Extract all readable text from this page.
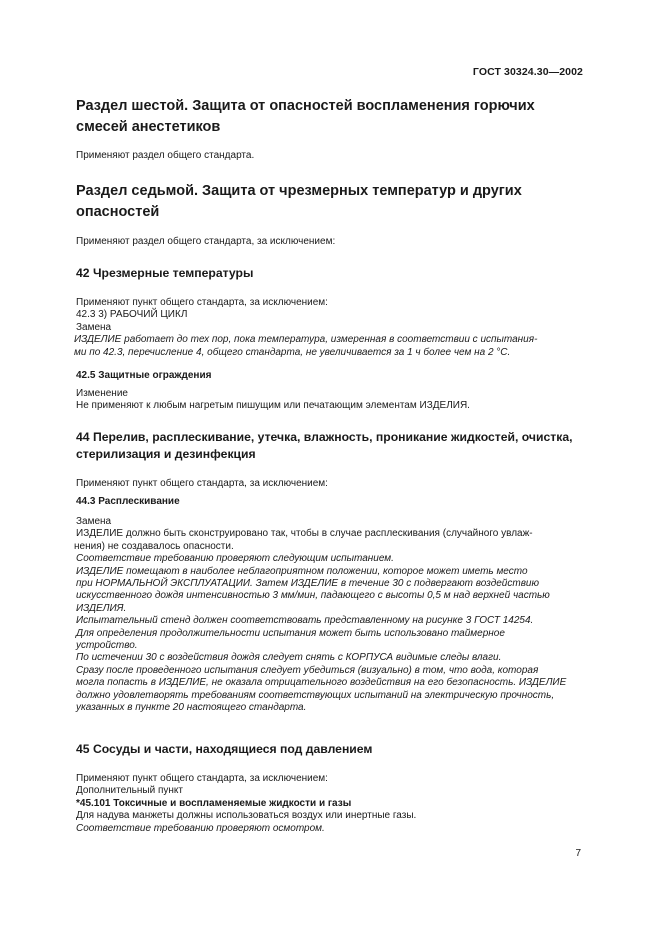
ГОСТ 30324.30—2002
Раздел шестой. Защита от опасностей воспламенения горючих смесей анестетиков
Применяют раздел общего стандарта.
Раздел седьмой. Защита от чрезмерных температур и других опасностей
Применяют раздел общего стандарта, за исключением:
42 Чрезмерные температуры
Применяют пункт общего стандарта, за исключением:
42.3 3) РАБОЧИЙ ЦИКЛ
Замена
ИЗДЕЛИЕ работает до тех пор, пока температура, измеренная в соответствии с испытания-
ми по 42.3, перечисление 4, общего стандарта, не увеличивается за 1 ч более чем на 2 °С.
42.5 Защитные ограждения
Изменение
Не применяют к любым нагретым пишущим или печатающим элементам ИЗДЕЛИЯ.
44 Перелив, расплескивание, утечка, влажность, проникание жидкостей, очистка, стерилизация и дезинфекция
Применяют пункт общего стандарта, за исключением:
44.3 Расплескивание
Замена
ИЗДЕЛИЕ должно быть сконструировано так, чтобы в случае расплескивания (случайного увлаж-
нения) не создавалось опасности.
Соответствие требованию проверяют следующим испытанием.
ИЗДЕЛИЕ помещают в наиболее неблагоприятном положении, которое может иметь место
при НОРМАЛЬНОЙ ЭКСПЛУАТАЦИИ. Затем ИЗДЕЛИЕ в течение 30 с подвергают воздействию
искусственного дождя интенсивностью 3 мм/мин, падающего с высоты 0,5 м над верхней частью
ИЗДЕЛИЯ.
Испытательный стенд должен соответствовать представленному на рисунке 3 ГОСТ 14254.
Для определения продолжительности испытания может быть использовано таймерное
устройство.
По истечении 30 с воздействия дождя следует снять с КОРПУСА видимые следы влаги.
Сразу после проведенного испытания следует убедиться (визуально) в том, что вода, которая
могла попасть в ИЗДЕЛИЕ, не оказала отрицательного воздействия на его безопасность. ИЗДЕЛИЕ
должно удовлетворять требованиям соответствующих испытаний на электрическую прочность,
указанных в пункте 20 настоящего стандарта.
45 Сосуды и части, находящиеся под давлением
Применяют пункт общего стандарта, за исключением:
Дополнительный пункт
*45.101 Токсичные и воспламеняемые жидкости и газы
Для надува манжеты должны использоваться воздух или инертные газы.
Соответствие требованию проверяют осмотром.
7
